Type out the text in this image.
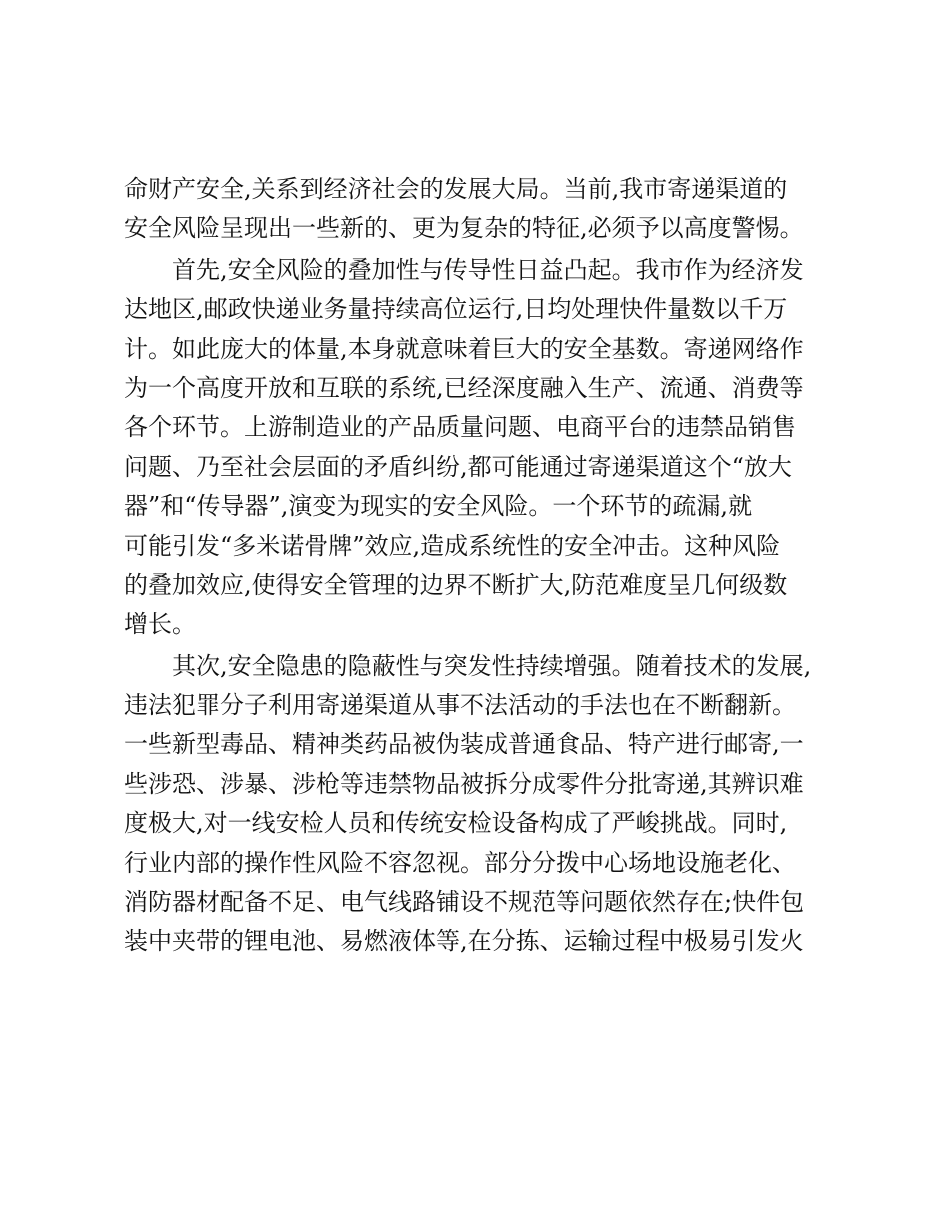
命财产安全,关系到经济社会的发展大局。当前,我市寄递渠道的
安全风险呈现出一些新的、更为复杂的特征,必须予以高度警惕。
首先,安全风险的叠加性与传导性日益凸起。我市作为经济发
达地区,邮政快递业务量持续高位运行,日均处理快件量数以千万
计。如此庞大的体量,本身就意味着巨大的安全基数。寄递网络作
为一个高度开放和互联的系统,已经深度融入生产、流通、消费等
各个环节。上游制造业的产品质量问题、电商平台的违禁品销售
问题、乃至社会层面的矛盾纠纷,都可能通过寄递渠道这个“放大
器”和“传导器”,演变为现实的安全风险。一个环节的疏漏,就
可能引发“多米诺骨牌”效应,造成系统性的安全冲击。这种风险
的叠加效应,使得安全管理的边界不断扩大,防范难度呈几何级数
增长。
其次,安全隐患的隐蔽性与突发性持续增强。随着技术的发展,
违法犯罪分子利用寄递渠道从事不法活动的手法也在不断翻新。
一些新型毒品、精神类药品被伪装成普通食品、特产进行邮寄,一
些涉恐、涉暴、涉枪等违禁物品被拆分成零件分批寄递,其辨识难
度极大,对一线安检人员和传统安检设备构成了严峻挑战。同时,
行业内部的操作性风险不容忽视。部分分拨中心场地设施老化、
消防器材配备不足、电气线路铺设不规范等问题依然存在;快件包
装中夹带的锂电池、易燃液体等,在分拣、运输过程中极易引发火
